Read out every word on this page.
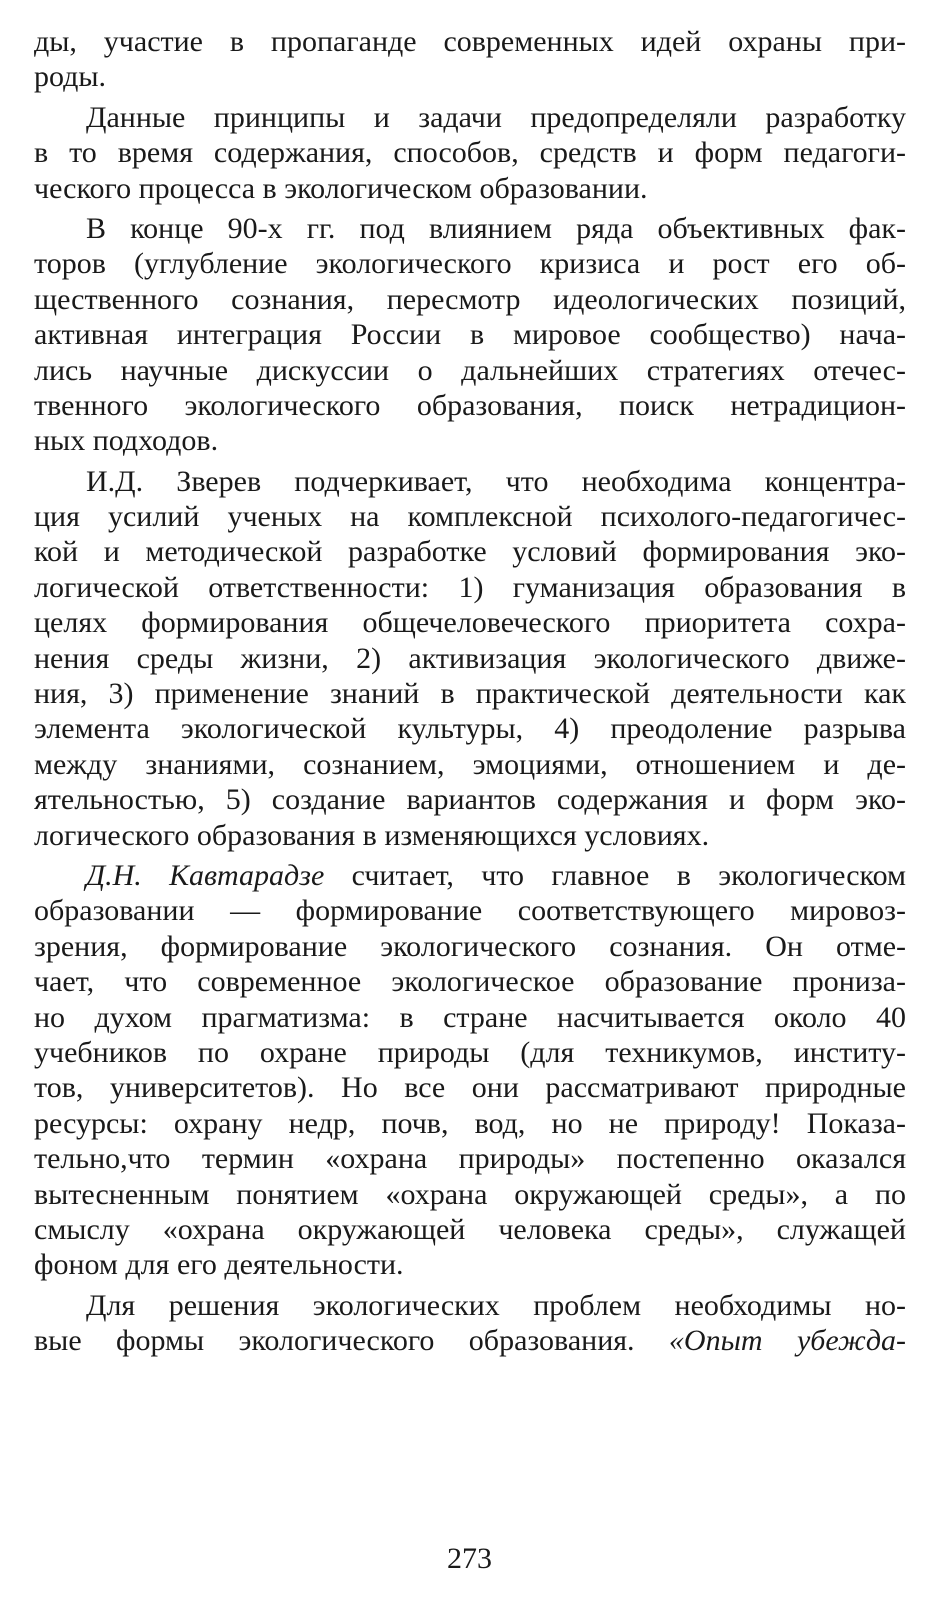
ды, участие в пропаганде современных идей охраны при-
роды.
Данные принципы и задачи предопределяли разработку
в то время содержания, способов, средств и форм педагоги-
ческого процесса в экологическом образовании.
В конце 90-х гг. под влиянием ряда объективных фак-
торов (углубление экологического кризиса и рост его об-
щественного сознания, пересмотр идеологических позиций,
активная интеграция России в мировое сообщество) нача-
лись научные дискуссии о дальнейших стратегиях отечес-
твенного экологического образования, поиск нетрадицион-
ных подходов.
И.Д. Зверев подчеркивает, что необходима концентра-
ция усилий ученых на комплексной психолого-педагогичес-
кой и методической разработке условий формирования эко-
логической ответственности: 1) гуманизация образования в
целях формирования общечеловеческого приоритета сохра-
нения среды жизни, 2) активизация экологического движе-
ния, 3) применение знаний в практической деятельности как
элемента экологической культуры, 4) преодоление разрыва
между знаниями, сознанием, эмоциями, отношением и де-
ятельностью, 5) создание вариантов содержания и форм эко-
логического образования в изменяющихся условиях.
Д.Н. Кавтарадзе считает, что главное в экологическом
образовании — формирование соответствующего мировоз-
зрения, формирование экологического сознания. Он отме-
чает, что современное экологическое образование прониза-
но духом прагматизма: в стране насчитывается около 40
учебников по охране природы (для техникумов, институ-
тов, университетов). Но все они рассматривают природные
ресурсы: охрану недр, почв, вод, но не природу! Показа-
тельно,что термин «охрана природы» постепенно оказался
вытесненным понятием «охрана окружающей среды», а по
смыслу «охрана окружающей человека среды», служащей
фоном для его деятельности.
Для решения экологических проблем необходимы но-
вые формы экологического образования. «Опыт убежда-
273
